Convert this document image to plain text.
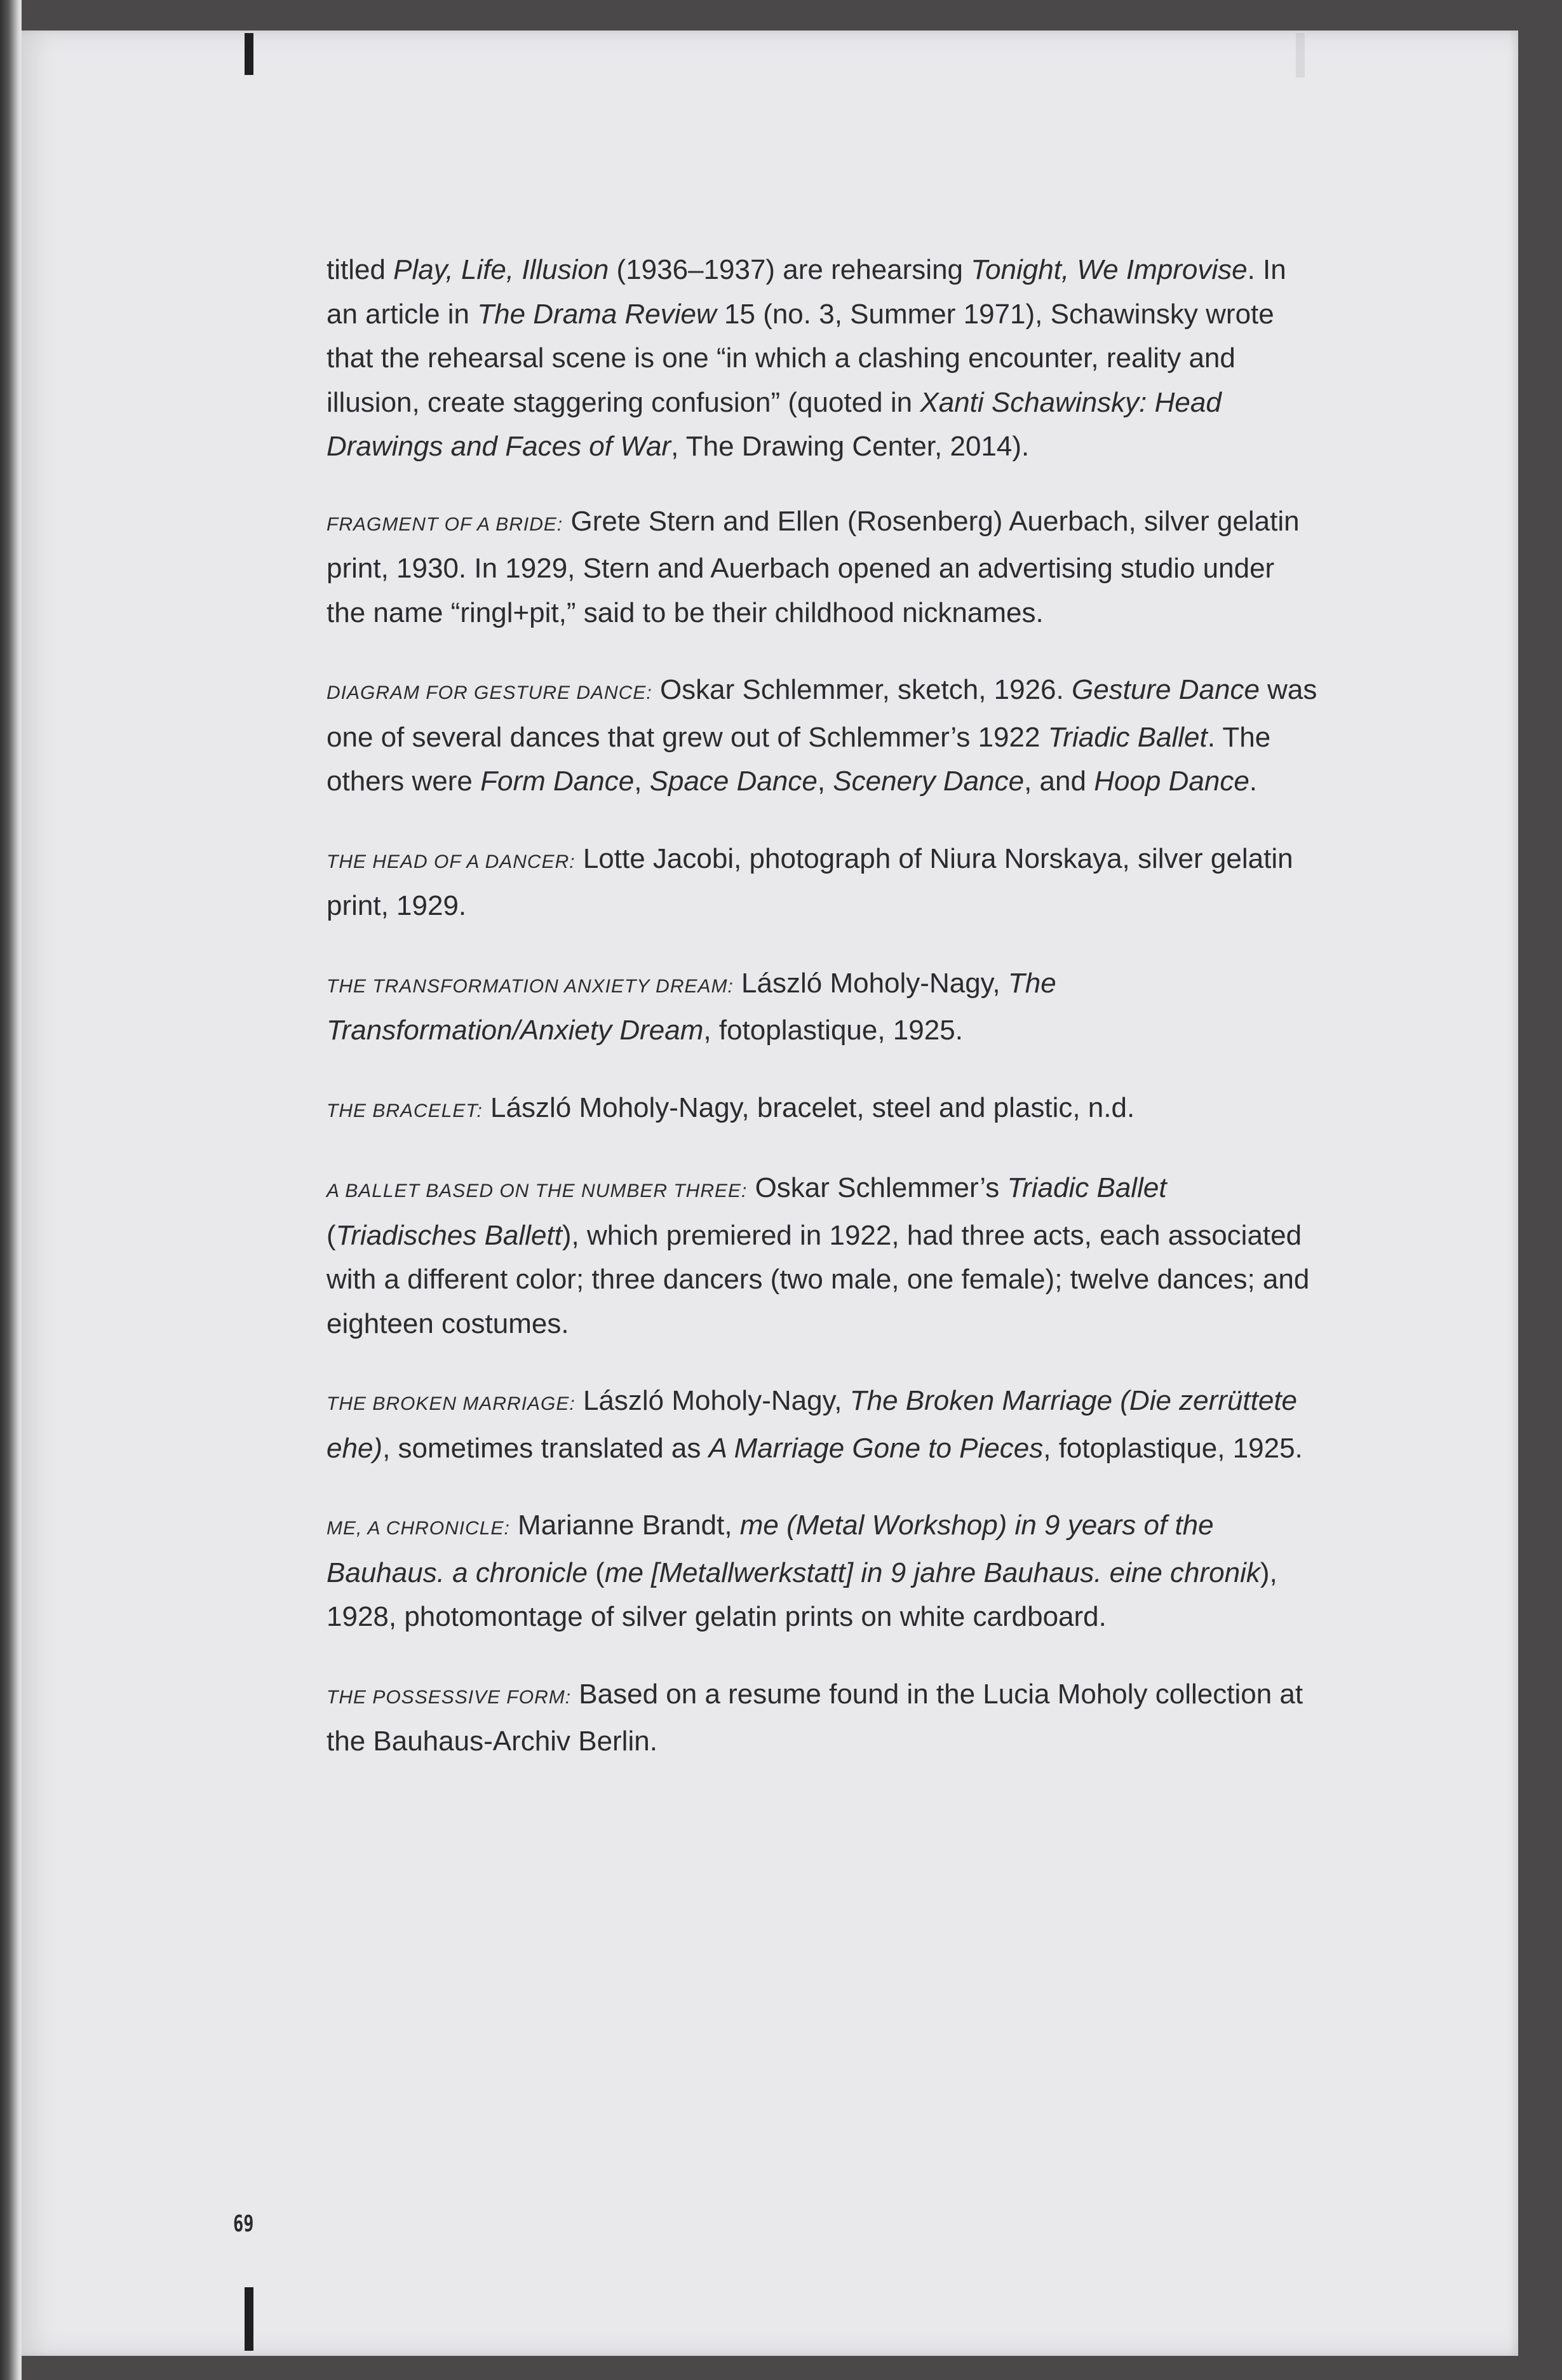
titled Play, Life, Illusion (1936–1937) are rehearsing Tonight, We Improvise. In an article in The Drama Review 15 (no. 3, Summer 1971), Schawinsky wrote that the rehearsal scene is one “in which a clashing encounter, reality and illusion, create staggering confusion” (quoted in Xanti Schawinsky: Head Drawings and Faces of War, The Drawing Center, 2014).

FRAGMENT OF A BRIDE: Grete Stern and Ellen (Rosenberg) Auerbach, silver gelatin print, 1930. In 1929, Stern and Auerbach opened an advertising studio under the name “ringl+pit,” said to be their childhood nicknames.

DIAGRAM FOR GESTURE DANCE: Oskar Schlemmer, sketch, 1926. Gesture Dance was one of several dances that grew out of Schlemmer’s 1922 Triadic Ballet. The others were Form Dance, Space Dance, Scenery Dance, and Hoop Dance.

THE HEAD OF A DANCER: Lotte Jacobi, photograph of Niura Norskaya, silver gelatin print, 1929.

THE TRANSFORMATION ANXIETY DREAM: László Moholy-Nagy, The Transformation/Anxiety Dream, fotoplastique, 1925.

THE BRACELET: László Moholy-Nagy, bracelet, steel and plastic, n.d.

A BALLET BASED ON THE NUMBER THREE: Oskar Schlemmer’s Triadic Ballet (Triadisches Ballett), which premiered in 1922, had three acts, each associated with a different color; three dancers (two male, one female); twelve dances; and eighteen costumes.

THE BROKEN MARRIAGE: László Moholy-Nagy, The Broken Marriage (Die zerrüttete ehe), sometimes translated as A Marriage Gone to Pieces, fotoplastique, 1925.

ME, A CHRONICLE: Marianne Brandt, me (Metal Workshop) in 9 years of the Bauhaus. a chronicle (me [Metallwerkstatt] in 9 jahre Bauhaus. eine chronik), 1928, photomontage of silver gelatin prints on white cardboard.

THE POSSESSIVE FORM: Based on a resume found in the Lucia Moholy collection at the Bauhaus-Archiv Berlin.

69
